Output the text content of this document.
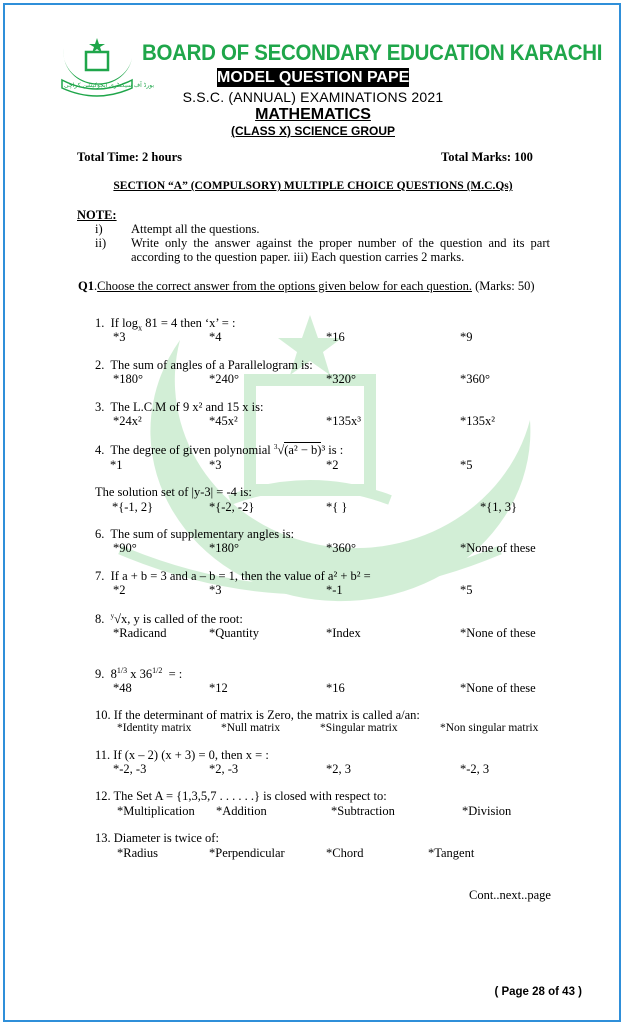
بورڈ آف سیکنڈری ایجوکیشن کراچی
BOARD OF SECONDARY EDUCATION KARACHI
MODEL QUESTION PAPER
S.S.C. (ANNUAL) EXAMINATIONS 2021
MATHEMATICS
(CLASS X) SCIENCE GROUP
Total Time: 2 hours	Total Marks: 100
SECTION “A” (COMPULSORY) MULTIPLE CHOICE QUESTIONS (M.C.Qs)
NOTE:
i) Attempt all the questions.
ii) Write only the answer against the proper number of the question and its part
according to the question paper. iii) Each question carries 2 marks.
Q1.Choose the correct answer from the options given below for each question. (Marks: 50)
1.  If $\log_x 81 = 4$ then ‘x’ = :
*3	*4	*16	*9
2.  The sum of angles of a Parallelogram is:
*180°	*240°	*320°	*360°
3.  The L.C.M of 9 x² and 15 x is:
*24x²	*45x²	*135x³	*135x²
4.  The degree of given polynomial $^3$√(a² − b)³ is :
*1	*3	*2	*5
The solution set of |y-3| = -4 is:
*{-1, 2}	*{-2, -2}	*{ }	*{1, 3}
6.  The sum of supplementary angles is:
*90°	*180°	*360°	*None of these
7.  If a + b = 3 and a – b = 1, then the value of a² + b² =
*2	*3	*-1	*5
8. $^y$√x, y is called of the root:
*Radicand	*Quantity	*Index	*None of these
9.  $8^{1/3}$ x $36^{1/2}$  = :
*48	*12	*16	*None of these
10. If the determinant of matrix is Zero, the matrix is called a/an:
*Identity matrix	*Null matrix	*Singular matrix	*Non singular matrix
11. If (x – 2) (x + 3) = 0, then x = :
*-2, -3	*2, -3	*2, 3	*-2, 3
12. The Set A = {1,3,5,7 . . . . . .} is closed with respect to:
*Multiplication *Addition	*Subtraction	*Division
13. Diameter is twice of:
*Radius	*Perpendicular	*Chord	*Tangent
Cont..next..page
( Page 28 of 43 )
